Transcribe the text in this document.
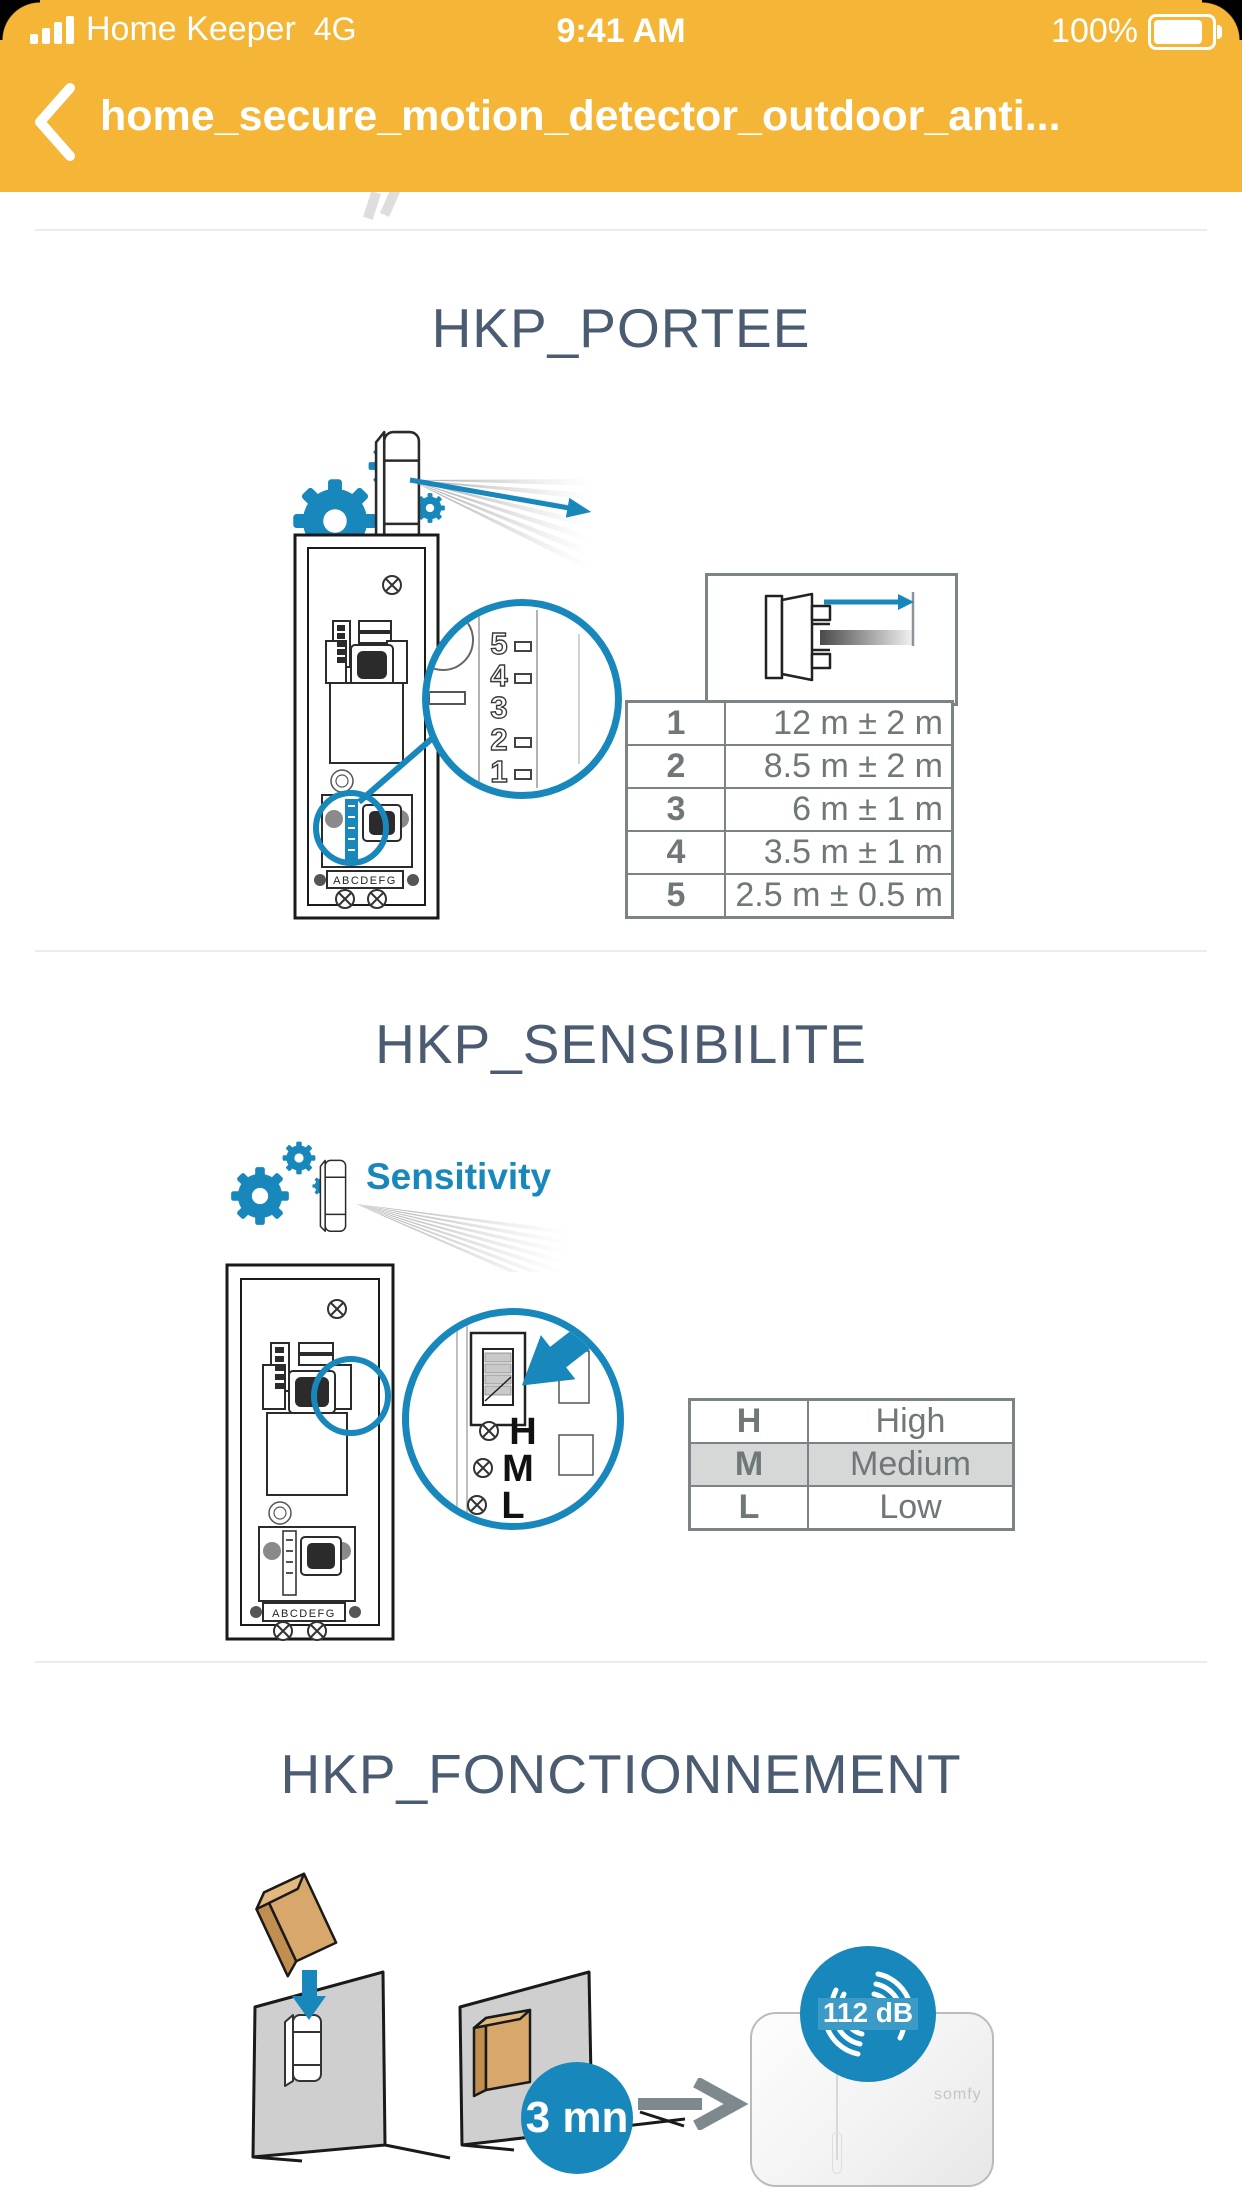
Home Keeper 4G	9:41 AM	100%
home_secure_motion_detector_outdoor_anti...
HKP_PORTEE
ABCDEFG
5
4
3
2
1
1	12 m ± 2 m
2	8.5 m ± 2 m
3	6 m ± 1 m
4	3.5 m ± 1 m
5	2.5 m ± 0.5 m
HKP_SENSIBILITE
Sensitivity
ABCDEFG
H
M
L
H	High
M	Medium
L	Low
HKP_FONCTIONNEMENT
3 mn	somfy
112 dB
